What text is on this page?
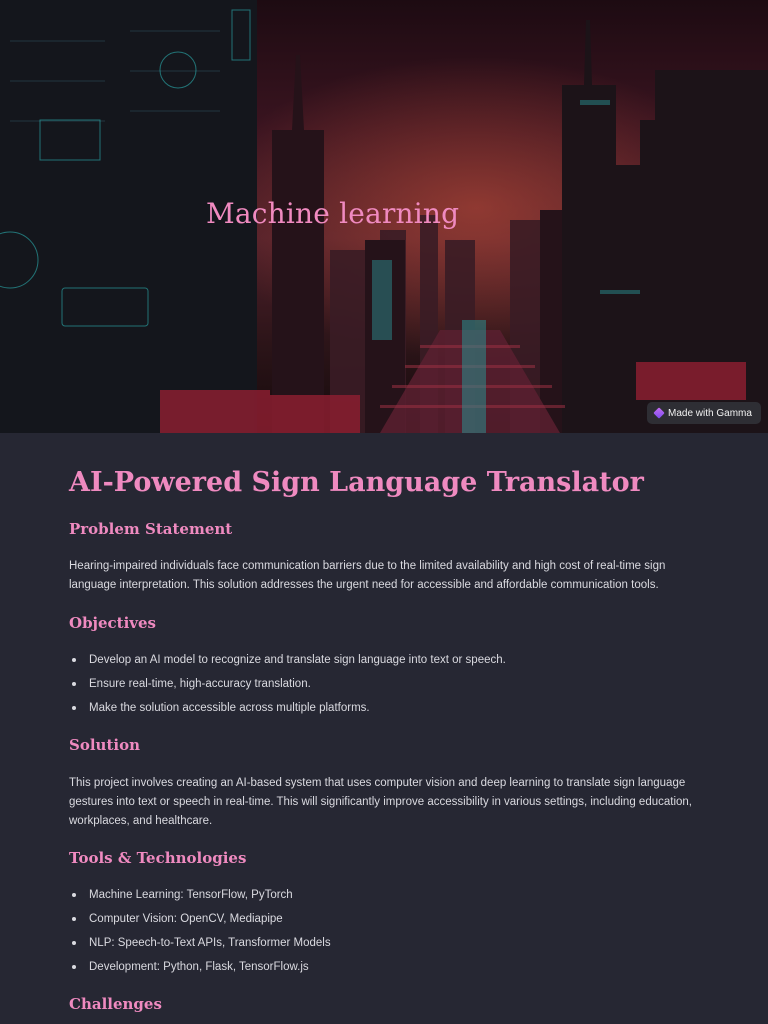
Machine learning
Made with Gamma
AI-Powered Sign Language Translator
Problem Statement

Hearing-impaired individuals face communication barriers due to the limited availability and high cost of real-time sign language interpretation. This solution addresses the urgent need for accessible and affordable communication tools.

Objectives
Develop an AI model to recognize and translate sign language into text or speech.
Ensure real-time, high-accuracy translation.
Make the solution accessible across multiple platforms.
Solution

This project involves creating an AI-based system that uses computer vision and deep learning to translate sign language gestures into text or speech in real-time. This will significantly improve accessibility in various settings, including education, workplaces, and healthcare.

Tools & Technologies
Machine Learning: TensorFlow, PyTorch
Computer Vision: OpenCV, Mediapipe
NLP: Speech-to-Text APIs, Transformer Models
Development: Python, Flask, TensorFlow.js
Challenges
